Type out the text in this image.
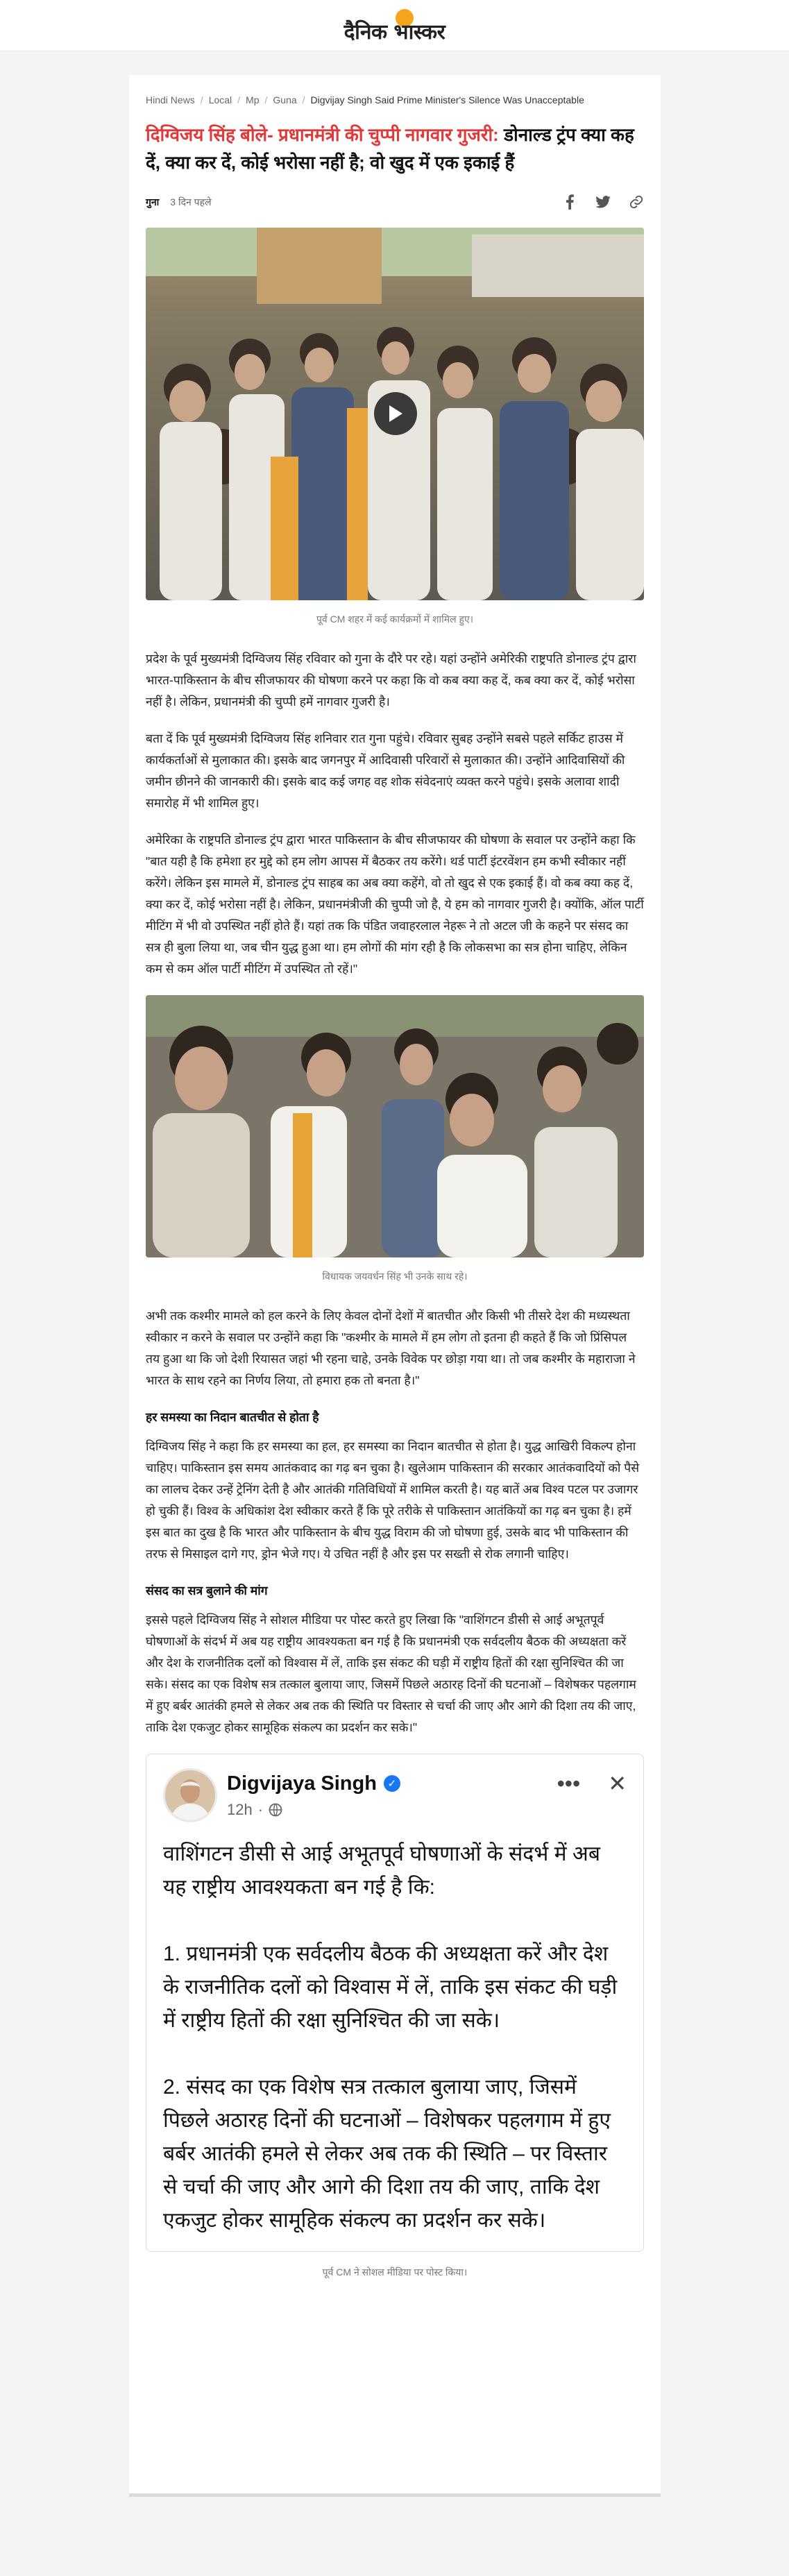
दैनिक भास्कर
Hindi News / Local / Mp / Guna / Digvijay Singh Said Prime Minister's Silence Was Unacceptable
दिग्विजय सिंह बोले- प्रधानमंत्री की चुप्पी नागवार गुजरी: डोनाल्ड ट्रंप क्या कह दें, क्या कर दें, कोई भरोसा नहीं है; वो खुद में एक इकाई हैं
गुना 3 दिन पहले

पूर्व CM शहर में कई कार्यक्रमों में शामिल हुए।

प्रदेश के पूर्व मुख्यमंत्री दिग्विजय सिंह रविवार को गुना के दौरे पर रहे। यहां उन्होंने अमेरिकी राष्ट्रपति डोनाल्ड ट्रंप द्वारा भारत-पाकिस्तान के बीच सीजफायर की घोषणा करने पर कहा कि वो कब क्या कह दें, कब क्या कर दें, कोई भरोसा नहीं है। लेकिन, प्रधानमंत्री की चुप्पी हमें नागवार गुजरी है।

बता दें कि पूर्व मुख्यमंत्री दिग्विजय सिंह शनिवार रात गुना पहुंचे। रविवार सुबह उन्होंने सबसे पहले सर्किट हाउस में कार्यकर्ताओं से मुलाकात की। इसके बाद जगनपुर में आदिवासी परिवारों से मुलाकात की। उन्होंने आदिवासियों की जमीन छीनने की जानकारी की। इसके बाद कई जगह वह शोक संवेदनाएं व्यक्त करने पहुंचे। इसके अलावा शादी समारोह में भी शामिल हुए।

अमेरिका के राष्ट्रपति डोनाल्ड ट्रंप द्वारा भारत पाकिस्तान के बीच सीजफायर की घोषणा के सवाल पर उन्होंने कहा कि "बात यही है कि हमेशा हर मुद्दे को हम लोग आपस में बैठकर तय करेंगे। थर्ड पार्टी इंटरवेंशन हम कभी स्वीकार नहीं करेंगे। लेकिन इस मामले में, डोनाल्ड ट्रंप साहब का अब क्या कहेंगे, वो तो खुद से एक इकाई हैं। वो कब क्या कह दें, क्या कर दें, कोई भरोसा नहीं है। लेकिन, प्रधानमंत्रीजी की चुप्पी जो है, ये हम को नागवार गुजरी है। क्योंकि, ऑल पार्टी मीटिंग में भी वो उपस्थित नहीं होते हैं। यहां तक कि पंडित जवाहरलाल नेहरू ने तो अटल जी के कहने पर संसद का सत्र ही बुला लिया था, जब चीन युद्ध हुआ था। हम लोगों की मांग रही है कि लोकसभा का सत्र होना चाहिए, लेकिन कम से कम ऑल पार्टी मीटिंग में उपस्थित तो रहें।"

विधायक जयवर्धन सिंह भी उनके साथ रहे।

अभी तक कश्मीर मामले को हल करने के लिए केवल दोनों देशों में बातचीत और किसी भी तीसरे देश की मध्यस्थता स्वीकार न करने के सवाल पर उन्होंने कहा कि "कश्मीर के मामले में हम लोग तो इतना ही कहते हैं कि जो प्रिंसिपल तय हुआ था कि जो देशी रियासत जहां भी रहना चाहे, उनके विवेक पर छोड़ा गया था। तो जब कश्मीर के महाराजा ने भारत के साथ रहने का निर्णय लिया, तो हमारा हक तो बनता है।"

हर समस्या का निदान बातचीत से होता है

दिग्विजय सिंह ने कहा कि हर समस्या का हल, हर समस्या का निदान बातचीत से होता है। युद्ध आखिरी विकल्प होना चाहिए। पाकिस्तान इस समय आतंकवाद का गढ़ बन चुका है। खुलेआम पाकिस्तान की सरकार आतंकवादियों को पैसे का लालच देकर उन्हें ट्रेनिंग देती है और आतंकी गतिविधियों में शामिल करती है। यह बातें अब विश्व पटल पर उजागर हो चुकी हैं। विश्व के अधिकांश देश स्वीकार करते हैं कि पूरे तरीके से पाकिस्तान आतंकियों का गढ़ बन चुका है। हमें इस बात का दुख है कि भारत और पाकिस्तान के बीच युद्ध विराम की जो घोषणा हुई, उसके बाद भी पाकिस्तान की तरफ से मिसाइल दागे गए, ड्रोन भेजे गए। ये उचित नहीं है और इस पर सख्ती से रोक लगानी चाहिए।

संसद का सत्र बुलाने की मांग

इससे पहले दिग्विजय सिंह ने सोशल मीडिया पर पोस्ट करते हुए लिखा कि "वाशिंगटन डीसी से आई अभूतपूर्व घोषणाओं के संदर्भ में अब यह राष्ट्रीय आवश्यकता बन गई है कि प्रधानमंत्री एक सर्वदलीय बैठक की अध्यक्षता करें और देश के राजनीतिक दलों को विश्वास में लें, ताकि इस संकट की घड़ी में राष्ट्रीय हितों की रक्षा सुनिश्चित की जा सके। संसद का एक विशेष सत्र तत्काल बुलाया जाए, जिसमें पिछले अठारह दिनों की घटनाओं – विशेषकर पहलगाम में हुए बर्बर आतंकी हमले से लेकर अब तक की स्थिति पर विस्तार से चर्चा की जाए और आगे की दिशा तय की जाए, ताकि देश एकजुट होकर सामूहिक संकल्प का प्रदर्शन कर सके।"

Digvijaya Singh	✓
12h ·
••• ✕
वाशिंगटन डीसी से आई अभूतपूर्व घोषणाओं के संदर्भ में अब यह राष्ट्रीय आवश्यकता बन गई है कि:

1. प्रधानमंत्री एक सर्वदलीय बैठक की अध्यक्षता करें और देश के राजनीतिक दलों को विश्वास में लें, ताकि इस संकट की घड़ी में राष्ट्रीय हितों की रक्षा सुनिश्चित की जा सके।

2. संसद का एक विशेष सत्र तत्काल बुलाया जाए, जिसमें पिछले अठारह दिनों की घटनाओं – विशेषकर पहलगाम में हुए बर्बर आतंकी हमले से लेकर अब तक की स्थिति – पर विस्तार से चर्चा की जाए और आगे की दिशा तय की जाए, ताकि देश एकजुट होकर सामूहिक संकल्प का प्रदर्शन कर सके।

पूर्व CM ने सोशल मीडिया पर पोस्ट किया।
